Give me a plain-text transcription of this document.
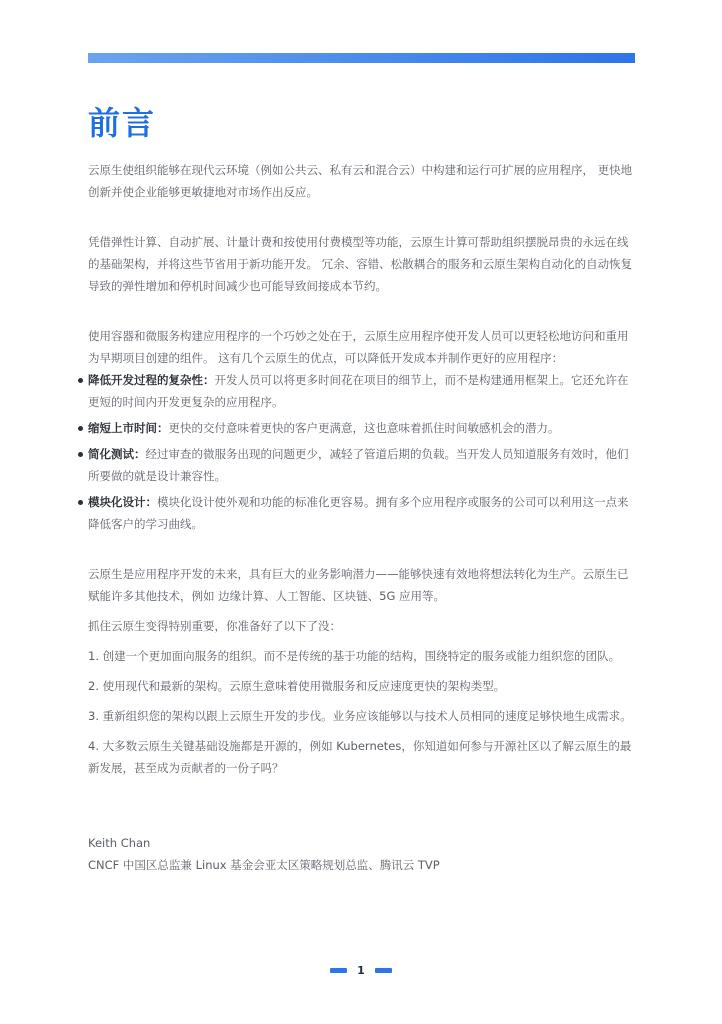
前言

云原生使组织能够在现代云环境（例如公共云、私有云和混合云）中构建和运行可扩展的应用程序， 更快地创新并使企业能够更敏捷地对市场作出反应。

凭借弹性计算、自动扩展、计量计费和按使用付费模型等功能，云原生计算可帮助组织摆脱昂贵的永远在线的基础架构，并将这些节省用于新功能开发。 冗余、容错、松散耦合的服务和云原生架构自动化的自动恢复导致的弹性增加和停机时间减少也可能导致间接成本节约。

使用容器和微服务构建应用程序的一个巧妙之处在于，云原生应用程序使开发人员可以更轻松地访问和重用为早期项目创建的组件。 这有几个云原生的优点，可以降低开发成本并制作更好的应用程序：

降低开发过程的复杂性：开发人员可以将更多时间花在项目的细节上，而不是构建通用框架上。它还允许在更短的时间内开发更复杂的应用程序。
缩短上市时间：更快的交付意味着更快的客户更满意，这也意味着抓住时间敏感机会的潜力。
简化测试：经过审查的微服务出现的问题更少，减轻了管道后期的负载。当开发人员知道服务有效时，他们所要做的就是设计兼容性。
模块化设计：模块化设计使外观和功能的标准化更容易。拥有多个应用程序或服务的公司可以利用这一点来降低客户的学习曲线。

云原生是应用程序开发的未来，具有巨大的业务影响潜力——能够快速有效地将想法转化为生产。云原生已赋能许多其他技术，例如 边缘计算、人工智能、区块链、5G 应用等。

抓住云原生变得特别重要，你准备好了以下了没：

1. 创建一个更加面向服务的组织。而不是传统的基于功能的结构，围绕特定的服务或能力组织您的团队。

2. 使用现代和最新的架构。云原生意味着使用微服务和反应速度更快的架构类型。

3. 重新组织您的架构以跟上云原生开发的步伐。业务应该能够以与技术人员相同的速度足够快地生成需求。

4. 大多数云原生关键基础设施都是开源的，例如 Kubernetes，你知道如何参与开源社区以了解云原生的最新发展，甚至成为贡献者的一份子吗？

Keith Chan
CNCF 中国区总监兼 Linux 基金会亚太区策略规划总监、腾讯云 TVP
1
